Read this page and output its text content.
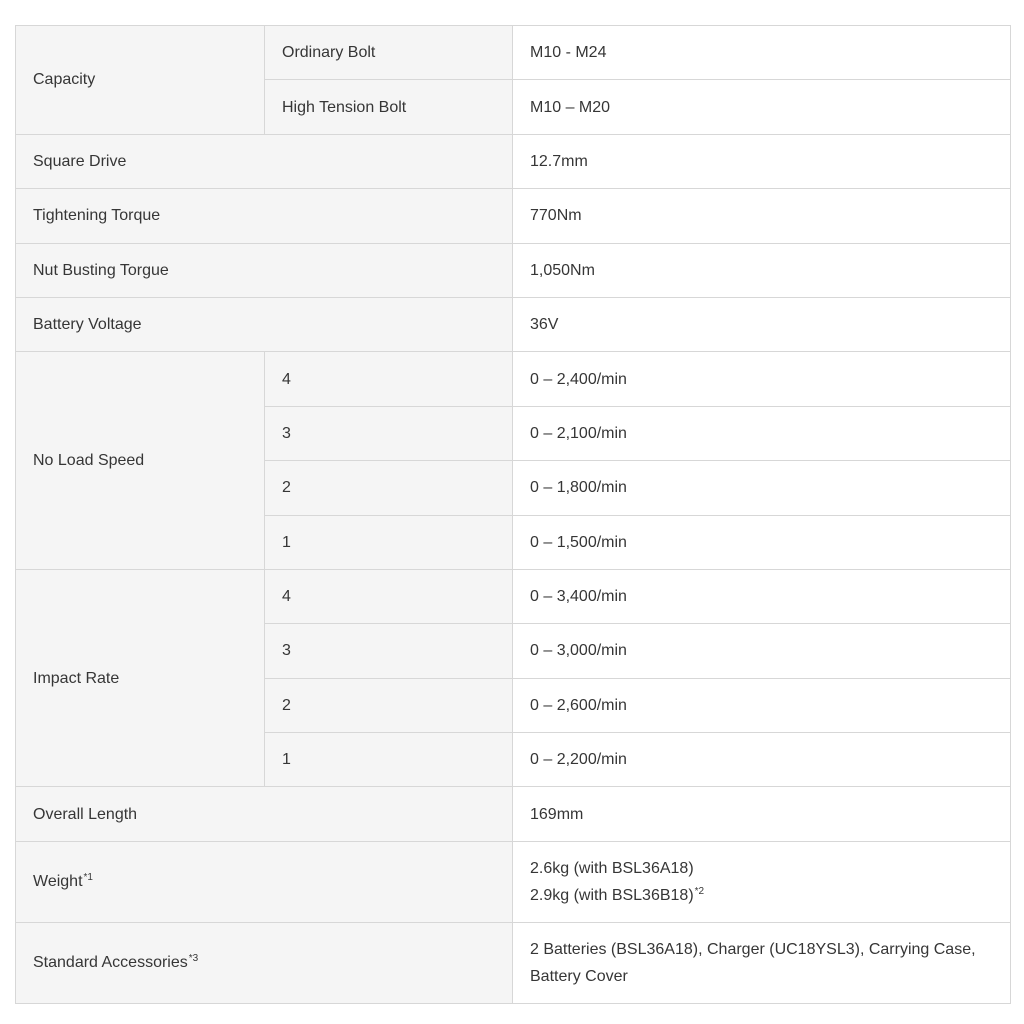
Capacity	Ordinary Bolt	M10 - M24
	High Tension Bolt	M10 – M20
Square Drive		12.7mm
Tightening Torque		770Nm
Nut Busting Torgue		1,050Nm
Battery Voltage		36V
No Load Speed	4	0 – 2,400/min
	3	0 – 2,100/min
	2	0 – 1,800/min
	1	0 – 1,500/min
Impact Rate	4	0 – 3,400/min
	3	0 – 3,000/min
	2	0 – 2,600/min
	1	0 – 2,200/min
Overall Length		169mm
Weight$^{*1}$		2.6kg (with BSL36A18)
2.9kg (with BSL36B18)$^{*2}$

Standard Accessories$^{*3}$		2 Batteries (BSL36A18), Charger (UC18YSL3), Carrying Case, Battery Cover
